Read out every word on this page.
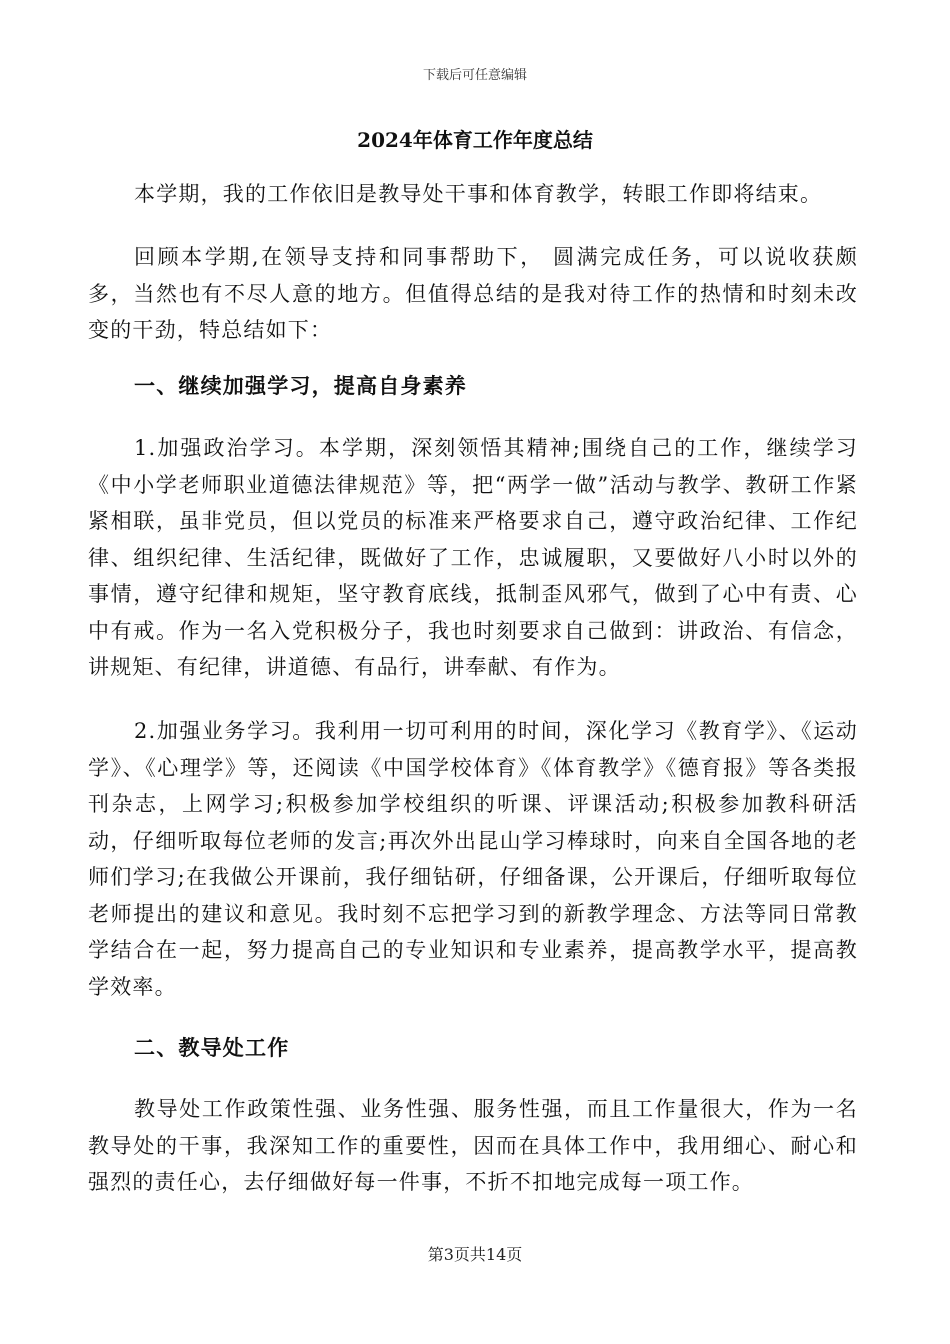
下载后可任意编辑
2024年体育工作年度总结

本学期，我的工作依旧是教导处干事和体育教学，转眼工作即将结束。

回顾本学期,在领导支持和同事帮助下， 圆满完成任务，可以说收获颇多，当然也有不尽人意的地方。但值得总结的是我对待工作的热情和时刻未改变的干劲，特总结如下：

一、继续加强学习，提高自身素养

1.加强政治学习。本学期，深刻领悟其精神;围绕自己的工作，继续学习《中小学老师职业道德法律规范》等，把“两学一做”活动与教学、教研工作紧紧相联，虽非党员，但以党员的标准来严格要求自己，遵守政治纪律、工作纪律、组织纪律、生活纪律，既做好了工作，忠诚履职，又要做好八小时以外的事情，遵守纪律和规矩，坚守教育底线，抵制歪风邪气，做到了心中有责、心中有戒。作为一名入党积极分子，我也时刻要求自己做到：讲政治、有信念，讲规矩、有纪律，讲道德、有品行，讲奉献、有作为。

2.加强业务学习。我利用一切可利用的时间，深化学习《教育学》、《运动学》、《心理学》等，还阅读《中国学校体育》《体育教学》《德育报》等各类报刊杂志，上网学习;积极参加学校组织的听课、评课活动;积极参加教科研活动，仔细听取每位老师的发言;再次外出昆山学习棒球时，向来自全国各地的老师们学习;在我做公开课前，我仔细钻研，仔细备课，公开课后，仔细听取每位老师提出的建议和意见。我时刻不忘把学习到的新教学理念、方法等同日常教学结合在一起，努力提高自己的专业知识和专业素养，提高教学水平，提高教学效率。

二、教导处工作

教导处工作政策性强、业务性强、服务性强，而且工作量很大，作为一名教导处的干事，我深知工作的重要性，因而在具体工作中，我用细心、耐心和强烈的责任心，去仔细做好每一件事，不折不扣地完成每一项工作。

第3页共14页
